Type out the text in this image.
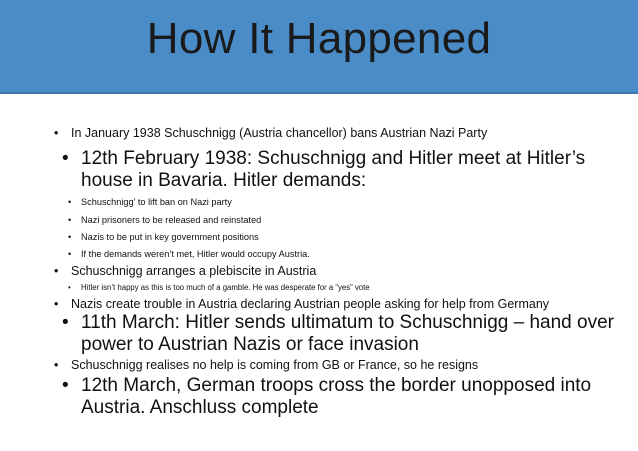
How It Happened
• In January 1938 Schuschnigg (Austria chancellor) bans Austrian Nazi Party
• 12th February 1938: Schuschnigg and Hitler meet at Hitler’s
house in Bavaria. Hitler demands:
• Schuschnigg’ to lift ban on Nazi party
• Nazi prisoners to be released and reinstated
• Nazis to be put in key government positions
• If the demands weren’t met, Hitler would occupy Austria.
• Schuschnigg arranges a plebiscite in Austria
• Hitler isn’t happy as this is too much of a gamble. He was desperate for a “yes” vote
• Nazis create trouble in Austria declaring Austrian people asking for help from Germany
• 11th March: Hitler sends ultimatum to Schuschnigg – hand over
power to Austrian Nazis or face invasion
• Schuschnigg realises no help is coming from GB or France, so he resigns
• 12th March, German troops cross the border unopposed into
Austria. Anschluss complete
